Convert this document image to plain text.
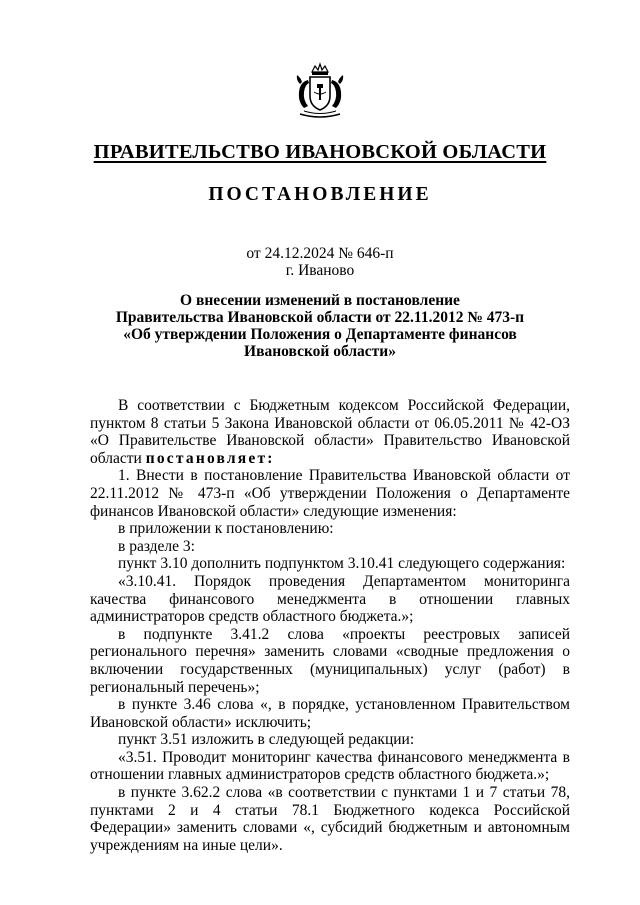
ПРАВИТЕЛЬСТВО ИВАНОВСКОЙ ОБЛАСТИ
ПОСТАНОВЛЕНИЕ
от 24.12.2024 № 646-п
г. Иваново
О внесении изменений в постановление
Правительства Ивановской области от 22.11.2012 № 473-п
«Об утверждении Положения о Департаменте финансов
Ивановской области»

В соответствии с Бюджетным кодексом Российской Федерации, пунктом 8 статьи 5 Закона Ивановской области от 06.05.2011 № 42-ОЗ «О Правительстве Ивановской области» Правительство Ивановской области постановляет:

1. Внести в постановление Правительства Ивановской области от 22.11.2012 № 473-п «Об утверждении Положения о Департаменте финансов Ивановской области» следующие изменения:

в приложении к постановлению:

в разделе 3:

пункт 3.10 дополнить подпунктом 3.10.41 следующего содержания:

«3.10.41. Порядок проведения Департаментом мониторинга качества финансового менеджмента в отношении главных администраторов средств областного бюджета.»;

в подпункте 3.41.2 слова «проекты реестровых записей регионального перечня» заменить словами «сводные предложения о включении государственных (муниципальных) услуг (работ) в региональный перечень»;

в пункте 3.46 слова «, в порядке, установленном Правительством Ивановской области» исключить;

пункт 3.51 изложить в следующей редакции:

«3.51. Проводит мониторинг качества финансового менеджмента в отношении главных администраторов средств областного бюджета.»;

в пункте 3.62.2 слова «в соответствии с пунктами 1 и 7 статьи 78, пунктами 2 и 4 статьи 78.1 Бюджетного кодекса Российской Федерации» заменить словами «, субсидий бюджетным и автономным учреждениям на иные цели».
